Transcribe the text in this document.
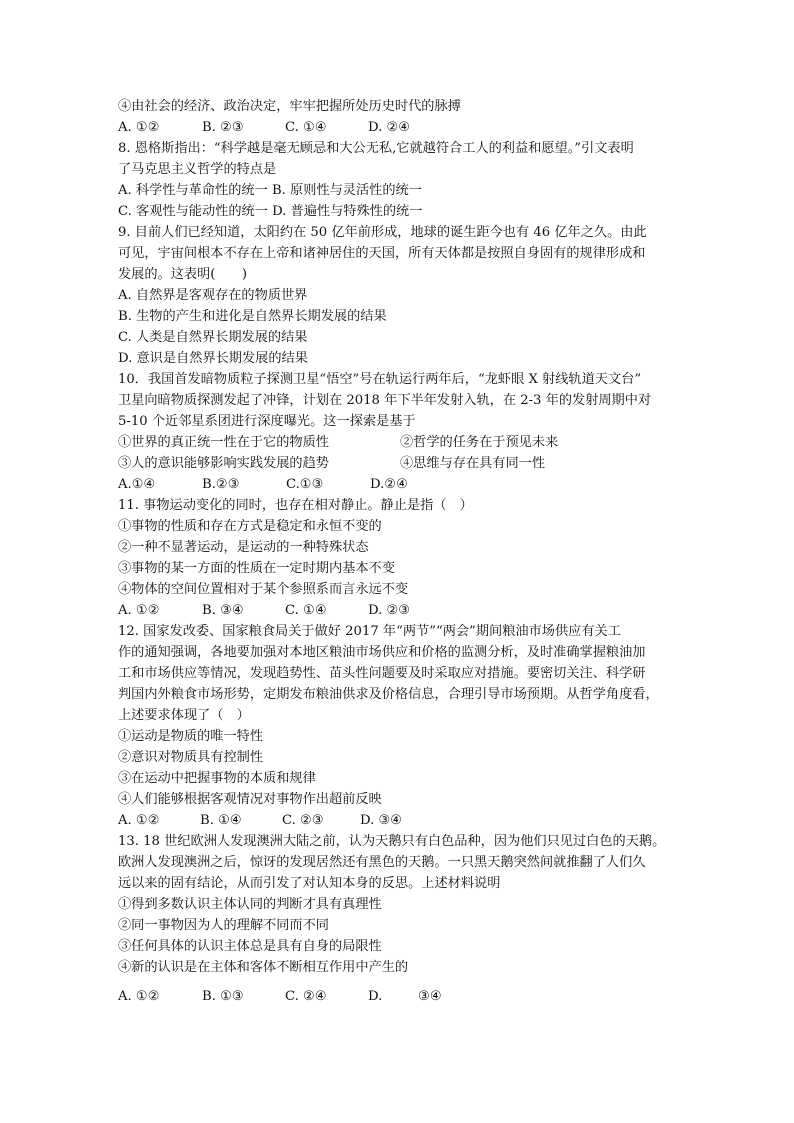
④由社会的经济、政治决定，牢牢把握所处历史时代的脉搏
A. ①②	B. ②③	C. ①④	D. ②④
8. 恩格斯指出：“科学越是毫无顾忌和大公无私,它就越符合工人的利益和愿望。”引文表明
了马克思主义哲学的特点是
A. 科学性与革命性的统一 B. 原则性与灵活性的统一
C. 客观性与能动性的统一 D. 普遍性与特殊性的统一
9. 目前人们已经知道，太阳约在 50 亿年前形成，地球的诞生距今也有 46 亿年之久。由此
可见，宇宙间根本不存在上帝和诸神居住的天国，所有天体都是按照自身固有的规律形成和
发展的。这表明(　　)
A. 自然界是客观存在的物质世界
B. 生物的产生和进化是自然界长期发展的结果
C. 人类是自然界长期发展的结果
D. 意识是自然界长期发展的结果
10．我国首发暗物质粒子探测卫星“悟空”号在轨运行两年后，“龙虾眼 X 射线轨道天文台”
卫星向暗物质探测发起了冲锋，计划在 2018 年下半年发射入轨，在 2-3 年的发射周期中对
5-10 个近邻星系团进行深度曝光。这一探索是基于
①世界的真正统一性在于它的物质性	②哲学的任务在于预见未来
③人的意识能够影响实践发展的趋势	④思维与存在具有同一性
A.①④	B.②③	C.①③	D.②④
11. 事物运动变化的同时，也存在相对静止。静止是指（　）
①事物的性质和存在方式是稳定和永恒不变的
②一种不显著运动，是运动的一种特殊状态
③事物的某一方面的性质在一定时期内基本不变
④物体的空间位置相对于某个参照系而言永远不变
A. ①②	B. ③④	C. ①④	D. ②③
12. 国家发改委、国家粮食局关于做好 2017 年“两节”“两会”期间粮油市场供应有关工
作的通知强调，各地要加强对本地区粮油市场供应和价格的监测分析，及时准确掌握粮油加
工和市场供应等情况，发现趋势性、苗头性问题要及时采取应对措施。要密切关注、科学研
判国内外粮食市场形势，定期发布粮油供求及价格信息，合理引导市场预期。从哲学角度看，
上述要求体现了（　）
①运动是物质的唯一特性
②意识对物质具有控制性
③在运动中把握事物的本质和规律
④人们能够根据客观情况对事物作出超前反映
A. ①②	B. ①④	C. ②③	D. ③④
13. 18 世纪欧洲人发现澳洲大陆之前，认为天鹅只有白色品种，因为他们只见过白色的天鹅。
欧洲人发现澳洲之后，惊讶的发现居然还有黑色的天鹅。一只黑天鹅突然间就推翻了人们久
远以来的固有结论，从而引发了对认知本身的反思。上述材料说明
①得到多数认识主体认同的判断才具有真理性
②同一事物因为人的理解不同而不同
③任何具体的认识主体总是具有自身的局限性
④新的认识是在主体和客体不断相互作用中产生的
A. ①②	B. ①③	C. ②④	D.	③④
